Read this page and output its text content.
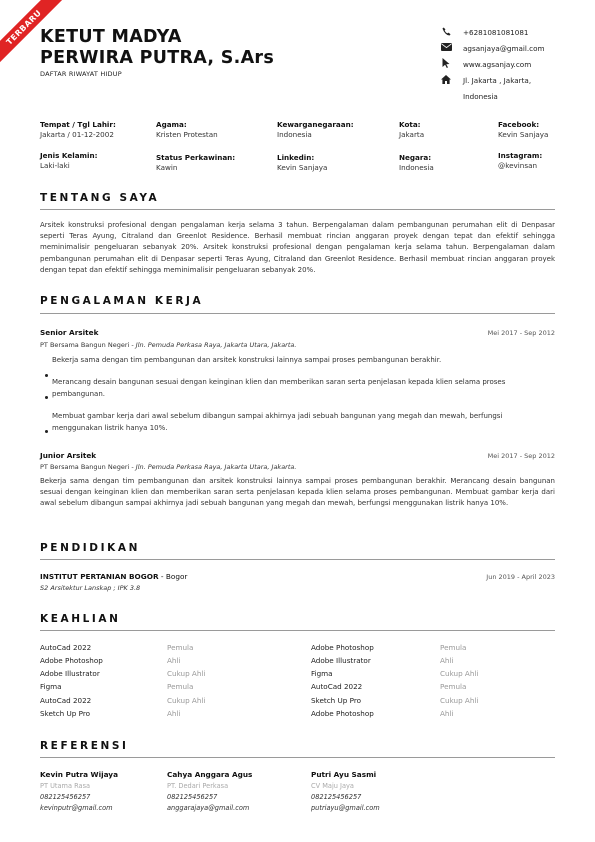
TERBARU
KETUT MADYA
PERWIRA PUTRA, S.Ars
DAFTAR RIWAYAT HIDUP
+6281081081081
agsanjaya@gmail.com
www.agsanjay.com
Jl. Jakarta , Jakarta,
Indonesia
Tempat / Tgl Lahir:
Jakarta / 01-12-2002
Agama:
Kristen Protestan
Kewarganegaraan:
Indonesia
Kota:
Jakarta
Facebook:
Kevin Sanjaya
Jenis Kelamin:
Laki-laki
Status Perkawinan:
Kawin
Linkedin:
Kevin Sanjaya
Negara:
Indonesia
Instagram:
@kevinsan
TENTANG SAYA
Arsitek konstruksi profesional dengan pengalaman kerja selama 3 tahun. Berpengalaman dalam pembangunan perumahan elit di Denpasar seperti Teras Ayung, Citraland dan Greenlot Residence. Berhasil membuat rincian anggaran proyek dengan tepat dan efektif sehingga meminimalisir pengeluaran sebanyak 20%. Arsitek konstruksi profesional dengan pengalaman kerja selama tahun. Berpengalaman dalam pembangunan perumahan elit di Denpasar seperti Teras Ayung, Citraland dan Greenlot Residence. Berhasil membuat rincian anggaran proyek dengan tepat dan efektif sehingga meminimalisir pengeluaran sebanyak 20%.
PENGALAMAN KERJA
Senior Arsitek	Mei 2017 - Sep 2012
PT Bersama Bangun Negeri - Jln. Pemuda Perkasa Raya, Jakarta Utara, Jakarta.
Bekerja sama dengan tim pembangunan dan arsitek konstruksi lainnya sampai proses pembangunan berakhir.
Merancang desain bangunan sesuai dengan keinginan klien dan memberikan saran serta penjelasan kepada klien selama proses pembangunan.
Membuat gambar kerja dari awal sebelum dibangun sampai akhirnya jadi sebuah bangunan yang megah dan mewah, berfungsi menggunakan listrik hanya 10%.
Junior Arsitek	Mei 2017 - Sep 2012
PT Bersama Bangun Negeri - Jln. Pemuda Perkasa Raya, Jakarta Utara, Jakarta.
Bekerja sama dengan tim pembangunan dan arsitek konstruksi lainnya sampai proses pembangunan berakhir. Merancang desain bangunan sesuai dengan keinginan klien dan memberikan saran serta penjelasan kepada klien selama proses pembangunan. Membuat gambar kerja dari awal sebelum dibangun sampai akhirnya jadi sebuah bangunan yang megah dan mewah, berfungsi menggunakan listrik hanya 10%.
PENDIDIKAN
INSTITUT PERTANIAN BOGOR - Bogor	Jun 2019 - April 2023
S2 Arsitektur Lanskap ; IPK 3.8
KEAHLIAN
AutoCad 2022	Pemula
Adobe Photoshop	Ahli
Adobe Illustrator	Cukup Ahli
Figma	Pemula
AutoCad 2022	Cukup Ahli
Sketch Up Pro	Ahli
Adobe Photoshop	Pemula
Adobe Illustrator	Ahli
Figma	Cukup Ahli
AutoCad 2022	Pemula
Sketch Up Pro	Cukup Ahli
Adobe Photoshop	Ahli
REFERENSI
Kevin Putra Wijaya
PT Utama Rasa
082125456257
kevinputr@gmail.com
Cahya Anggara Agus
PT. Dedari Perkasa
082125456257
anggarajaya@gmail.com
Putri Ayu Sasmi
CV Maju Jaya
082125456257
putriayu@gmail.com
